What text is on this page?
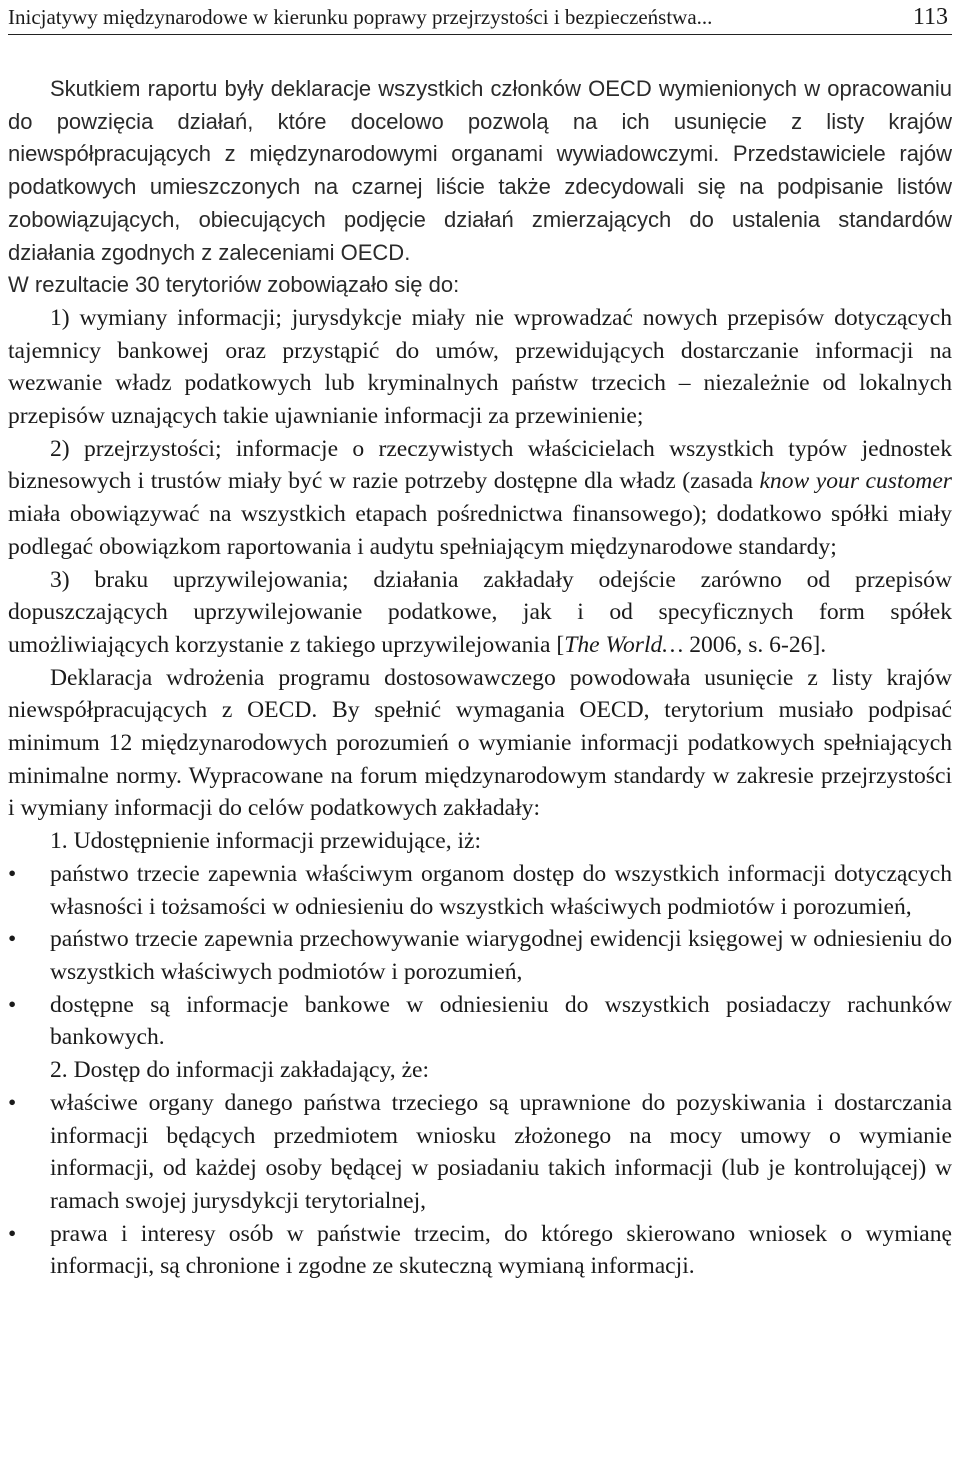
Inicjatywy międzynarodowe w kierunku poprawy przejrzystości i bezpieczeństwa...	113

Skutkiem raportu były deklaracje wszystkich członków OECD wymienionych w opracowaniu do powzięcia działań, które docelowo pozwolą na ich usunięcie z listy krajów niewspółpracujących z międzynarodowymi organami wywiadowczymi. Przedstawiciele rajów podatkowych umieszczonych na czarnej liście także zdecydowali się na podpisanie listów zobowiązujących, obiecujących podjęcie działań zmierzających do ustalenia standardów działania zgodnych z zaleceniami OECD.

W rezultacie 30 terytoriów zobowiązało się do:

1) wymiany informacji; jurysdykcje miały nie wprowadzać nowych przepisów dotyczących tajemnicy bankowej oraz przystąpić do umów, przewidujących dostarczanie informacji na wezwanie władz podatkowych lub kryminalnych państw trzecich – niezależnie od lokalnych przepisów uznających takie ujawnianie informacji za przewinienie;

2) przejrzystości; informacje o rzeczywistych właścicielach wszystkich typów jednostek biznesowych i trustów miały być w razie potrzeby dostępne dla władz (zasada know your customer miała obowiązywać na wszystkich etapach pośrednictwa finansowego); dodatkowo spółki miały podlegać obowiązkom raportowania i audytu spełniającym międzynarodowe standardy;

3) braku uprzywilejowania; działania zakładały odejście zarówno od przepisów dopuszczających uprzywilejowanie podatkowe, jak i od specyficznych form spółek umożliwiających korzystanie z takiego uprzywilejowania [The World… 2006, s. 6-26].

Deklaracja wdrożenia programu dostosowawczego powodowała usunięcie z listy krajów niewspółpracujących z OECD. By spełnić wymagania OECD, terytorium musiało podpisać minimum 12 międzynarodowych porozumień o wymianie informacji podatkowych spełniających minimalne normy. Wypracowane na forum międzynarodowym standardy w zakresie przejrzystości i wymiany informacji do celów podatkowych zakładały:

1. Udostępnienie informacji przewidujące, iż:

• państwo trzecie zapewnia właściwym organom dostęp do wszystkich informacji dotyczących własności i tożsamości w odniesieniu do wszystkich właściwych podmiotów i porozumień,
• państwo trzecie zapewnia przechowywanie wiarygodnej ewidencji księgowej w odniesieniu do wszystkich właściwych podmiotów i porozumień,
• dostępne są informacje bankowe w odniesieniu do wszystkich posiadaczy rachunków bankowych.

2. Dostęp do informacji zakładający, że:

• właściwe organy danego państwa trzeciego są uprawnione do pozyskiwania i dostarczania informacji będących przedmiotem wniosku złożonego na mocy umowy o wymianie informacji, od każdej osoby będącej w posiadaniu takich informacji (lub je kontrolującej) w ramach swojej jurysdykcji terytorialnej,
• prawa i interesy osób w państwie trzecim, do którego skierowano wniosek o wymianę informacji, są chronione i zgodne ze skuteczną wymianą informacji.
